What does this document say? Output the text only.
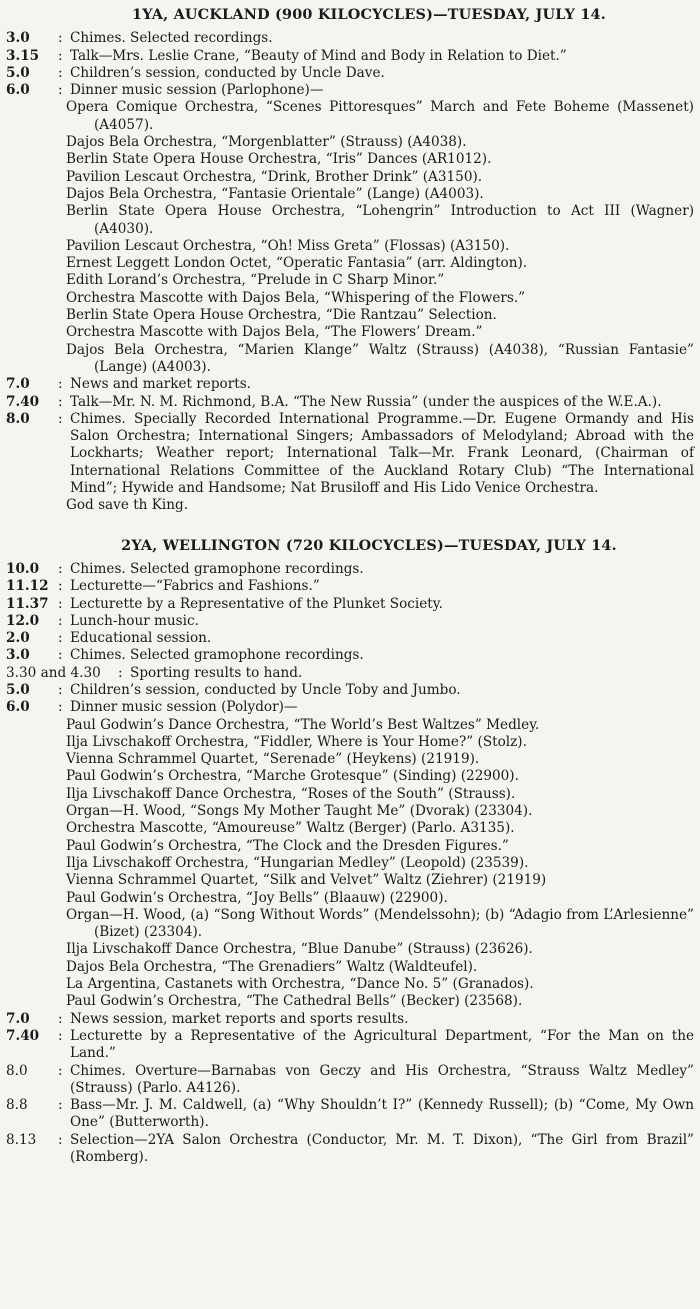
1YA, AUCKLAND (900 KILOCYCLES)—TUESDAY, JULY 14.
3.0	: Chimes. Selected recordings.
3.15	: Talk—Mrs. Leslie Crane, “Beauty of Mind and Body in Relation to Diet.”
5.0	: Children’s session, conducted by Uncle Dave.
6.0	: Dinner music session (Parlophone)—
Opera Comique Orchestra, “Scenes Pittoresques” March and Fete Boheme (Massenet) (A4057).
Dajos Bela Orchestra, “Morgenblatter” (Strauss) (A4038).
Berlin State Opera House Orchestra, “Iris” Dances (AR1012).
Pavilion Lescaut Orchestra, “Drink, Brother Drink” (A3150).
Dajos Bela Orchestra, “Fantasie Orientale” (Lange) (A4003).
Berlin State Opera House Orchestra, “Lohengrin” Introduction to Act III (Wagner) (A4030).
Pavilion Lescaut Orchestra, “Oh! Miss Greta” (Flossas) (A3150).
Ernest Leggett London Octet, “Operatic Fantasia” (arr. Aldington).
Edith Lorand’s Orchestra, “Prelude in C Sharp Minor.”
Orchestra Mascotte with Dajos Bela, “Whispering of the Flowers.”
Berlin State Opera House Orchestra, “Die Rantzau” Selection.
Orchestra Mascotte with Dajos Bela, “The Flowers’ Dream.”
Dajos Bela Orchestra, “Marien Klange” Waltz (Strauss) (A4038), “Russian Fantasie” (Lange) (A4003).
7.0	: News and market reports.
7.40	: Talk—Mr. N. M. Richmond, B.A. “The New Russia” (under the auspices of the W.E.A.).
8.0	: Chimes. Specially Recorded International Programme.—Dr. Eugene Ormandy and His Salon Orchestra; International Singers; Ambassadors of Melodyland; Abroad with the Lockharts; Weather report; International Talk—Mr. Frank Leonard, (Chairman of International Relations Committee of the Auckland Rotary Club) “The International Mind”; Hywide and Handsome; Nat Brusiloff and His Lido Venice Orchestra.
God save th King.
2YA, WELLINGTON (720 KILOCYCLES)—TUESDAY, JULY 14.
10.0	: Chimes. Selected gramophone recordings.
11.12 : Lecturette—“Fabrics and Fashions.”
11.37 : Lecturette by a Representative of the Plunket Society.
12.0	: Lunch-hour music.
2.0	: Educational session.
3.0	: Chimes. Selected gramophone recordings.
3.30 and 4.30	: Sporting results to hand.
5.0	: Children’s session, conducted by Uncle Toby and Jumbo.
6.0	: Dinner music session (Polydor)—
Paul Godwin’s Dance Orchestra, “The World’s Best Waltzes” Medley.
Ilja Livschakoff Orchestra, “Fiddler, Where is Your Home?” (Stolz).
Vienna Schrammel Quartet, “Serenade” (Heykens) (21919).
Paul Godwin’s Orchestra, “Marche Grotesque” (Sinding) (22900).
Ilja Livschakoff Dance Orchestra, “Roses of the South” (Strauss).
Organ—H. Wood, “Songs My Mother Taught Me” (Dvorak) (23304).
Orchestra Mascotte, “Amoureuse” Waltz (Berger) (Parlo. A3135).
Paul Godwin’s Orchestra, “The Clock and the Dresden Figures.”
Ilja Livschakoff Orchestra, “Hungarian Medley” (Leopold) (23539).
Vienna Schrammel Quartet, “Silk and Velvet” Waltz (Ziehrer) (21919)
Paul Godwin’s Orchestra, “Joy Bells” (Blaauw) (22900).
Organ—H. Wood, (a) “Song Without Words” (Mendelssohn); (b) “Adagio from L’Arlesienne” (Bizet) (23304).
Ilja Livschakoff Dance Orchestra, “Blue Danube” (Strauss) (23626).
Dajos Bela Orchestra, “The Grenadiers” Waltz (Waldteufel).
La Argentina, Castanets with Orchestra, “Dance No. 5” (Granados).
Paul Godwin’s Orchestra, “The Cathedral Bells” (Becker) (23568).
7.0	: News session, market reports and sports results.
7.40	: Lecturette by a Representative of the Agricultural Department, “For the Man on the Land.”
8.0	: Chimes. Overture—Barnabas von Geczy and His Orchestra, “Strauss Waltz Medley” (Strauss) (Parlo. A4126).
8.8	: Bass—Mr. J. M. Caldwell, (a) “Why Shouldn’t I?” (Kennedy Russell); (b) “Come, My Own One” (Butterworth).
8.13	: Selection—2YA Salon Orchestra (Conductor, Mr. M. T. Dixon), “The Girl from Brazil” (Romberg).
